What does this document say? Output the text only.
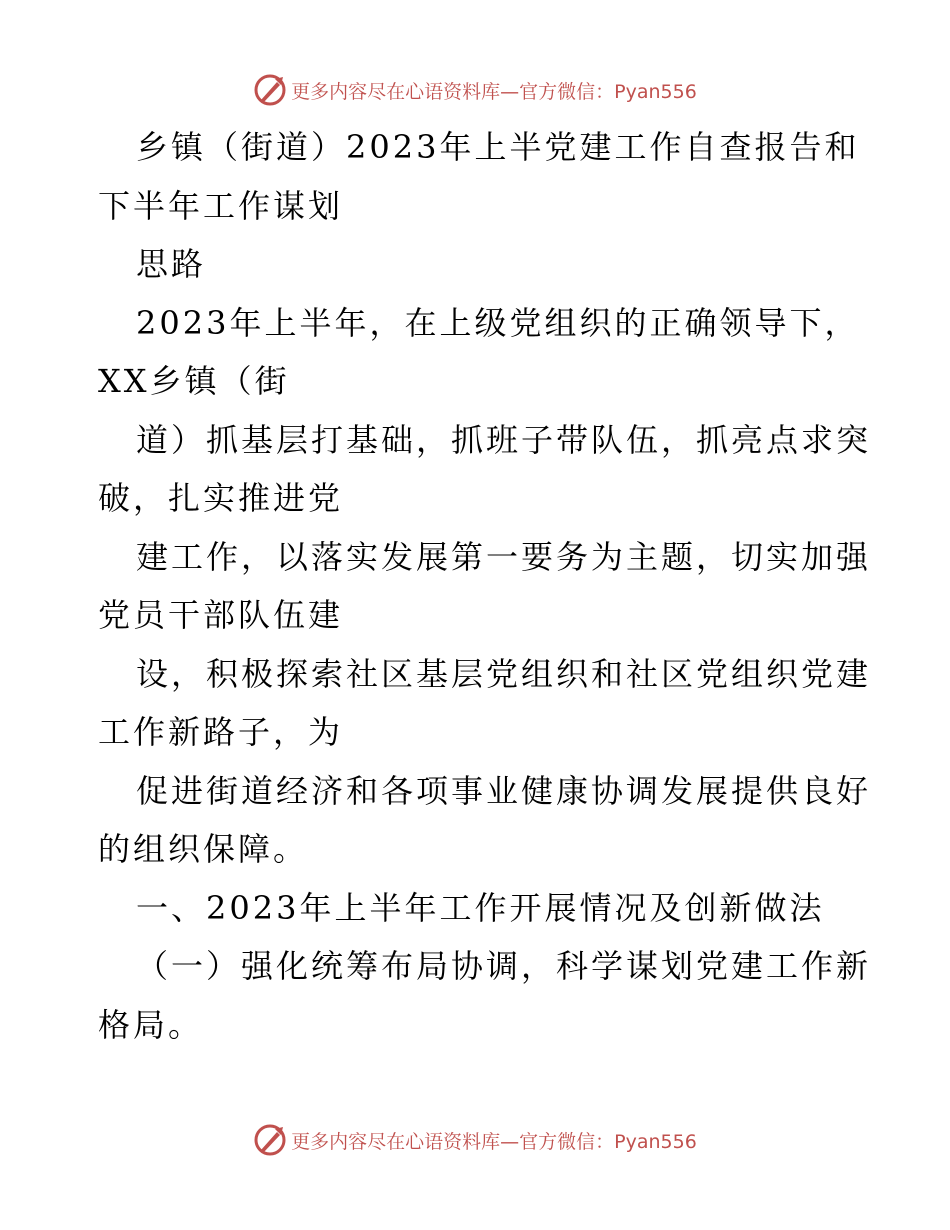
更多内容尽在心语资料库—官方微信：Pyan556
乡镇（街道）2023年上半党建工作自查报告和
下半年工作谋划
思路
2023年上半年，在上级党组织的正确领导下，
XX乡镇（街
道）抓基层打基础，抓班子带队伍，抓亮点求突
破，扎实推进党
建工作，以落实发展第一要务为主题，切实加强
党员干部队伍建
设，积极探索社区基层党组织和社区党组织党建
工作新路子，为
促进街道经济和各项事业健康协调发展提供良好
的组织保障。
一、2023年上半年工作开展情况及创新做法
（一）强化统筹布局协调，科学谋划党建工作新
格局。
更多内容尽在心语资料库—官方微信：Pyan556
